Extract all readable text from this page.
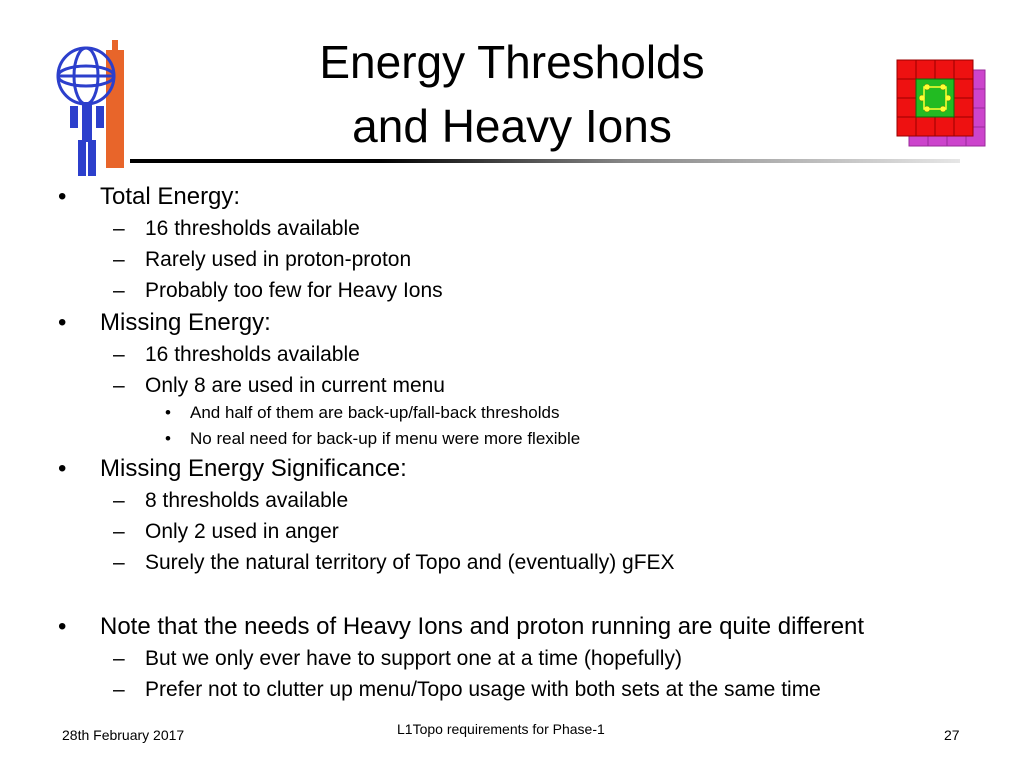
Energy Thresholds
and Heavy Ions
• Total Energy:
– 16 thresholds available
– Rarely used in proton-proton
– Probably too few for Heavy Ions
• Missing Energy:
– 16 thresholds available
– Only 8 are used in current menu
• And half of them are back-up/fall-back thresholds
• No real need for back-up if menu were more flexible
• Missing Energy Significance:
– 8 thresholds available
– Only 2 used in anger
– Surely the natural territory of Topo and (eventually) gFEX
• Note that the needs of Heavy Ions and proton running are quite different
– But we only ever have to support one at a time (hopefully)
– Prefer not to clutter up menu/Topo usage with both sets at the same time
28th February 2017	L1Topo requirements for Phase-1	27
